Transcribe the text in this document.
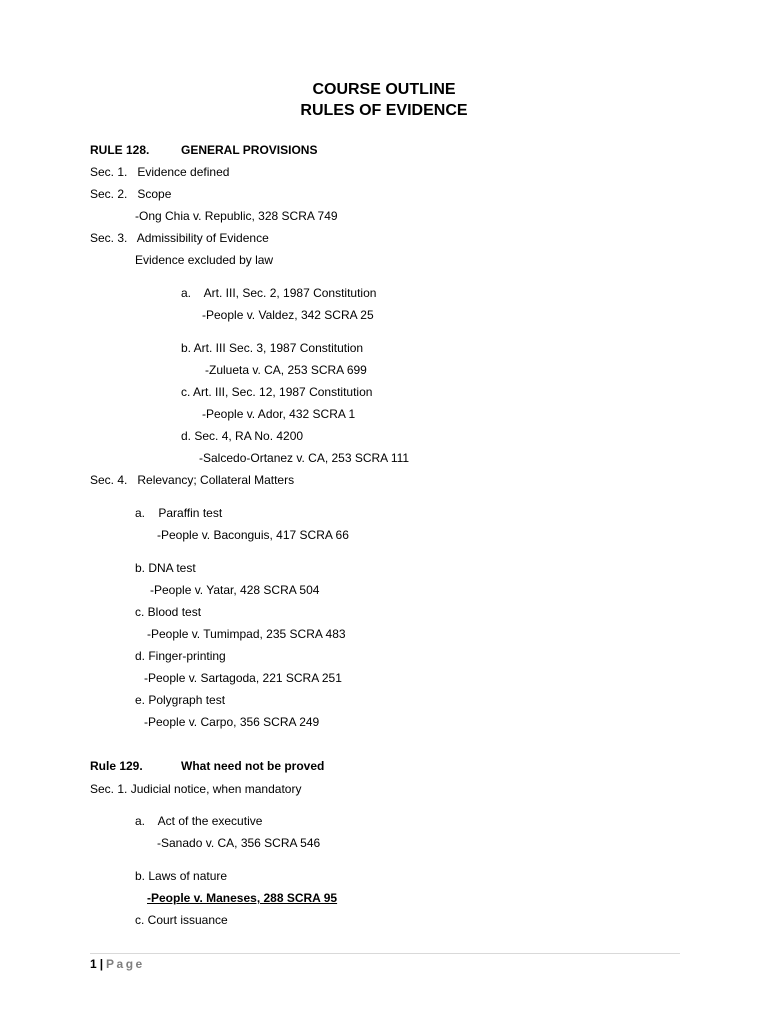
COURSE OUTLINE
RULES OF EVIDENCE
RULE 128.	GENERAL PROVISIONS
Sec. 1.   Evidence defined
Sec. 2.   Scope
-Ong Chia v. Republic, 328 SCRA 749
Sec. 3.   Admissibility of Evidence
Evidence excluded by law
a.    Art. III, Sec. 2, 1987 Constitution
-People v. Valdez, 342 SCRA 25
b. Art. III Sec. 3, 1987 Constitution
-Zulueta v. CA, 253 SCRA 699
c. Art. III, Sec. 12, 1987 Constitution
-People v. Ador, 432 SCRA 1
d. Sec. 4, RA No. 4200
-Salcedo-Ortanez v. CA, 253 SCRA 111
Sec. 4.   Relevancy; Collateral Matters
a.    Paraffin test
-People v. Baconguis, 417 SCRA 66
b. DNA test
-People v. Yatar, 428 SCRA 504
c. Blood test
-People v. Tumimpad, 235 SCRA 483
d. Finger-printing
-People v. Sartagoda, 221 SCRA 251
e. Polygraph test
-People v. Carpo, 356 SCRA 249
Rule 129.	What need not be proved
Sec. 1. Judicial notice, when mandatory
a.    Act of the executive
-Sanado v. CA, 356 SCRA 546
b. Laws of nature
-People v. Maneses, 288 SCRA 95
c. Court issuance
1 | Page
